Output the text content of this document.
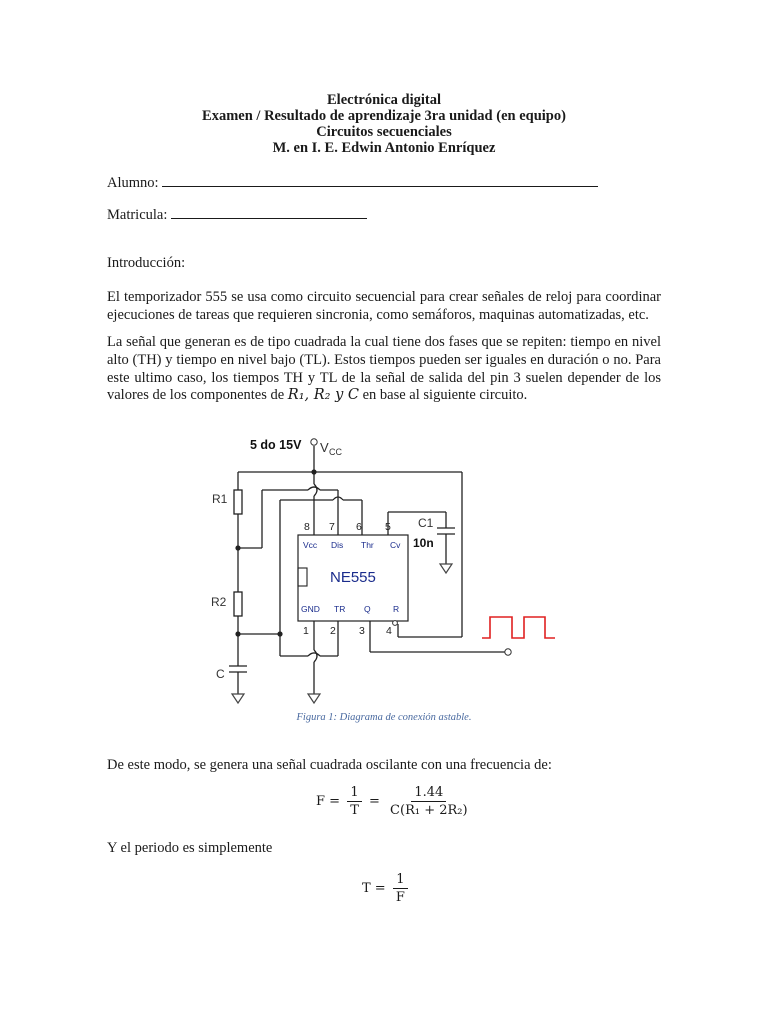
Electrónica digital
Examen / Resultado de aprendizaje 3ra unidad (en equipo)
Circuitos secuenciales
M. en I. E. Edwin Antonio Enríquez
Alumno:
Matricula:
Introducción:

El temporizador 555 se usa como circuito secuencial para crear señales de reloj para coordinar ejecuciones de tareas que requieren sincronia, como semáforos, maquinas automatizadas, etc.

La señal que generan es de tipo cuadrada la cual tiene dos fases que se repiten: tiempo en nivel alto (TH) y tiempo en nivel bajo (TL). Estos tiempos pueden ser iguales en duración o no. Para este ultimo caso, los tiempos TH y TL de la señal de salida del pin 3 suelen depender de los valores de los componentes de R₁, R₂ y C en base al siguiente circuito.

5 do 15V V CC
R1
R2
C
C1
10n
NE555
8 7 6 5
Vcc Dis Thr Cv
GND TR Q	R
1 2 3 4
Figura 1: Diagrama de conexión astable.
De este modo, se genera una señal cuadrada oscilante con una frecuencia de:
$F = \frac{1}{T} = \frac{1.44}{\text{C(R₁ + 2R₂)}}$
Y el periodo es simplemente
$T = \frac{1}{F}$
